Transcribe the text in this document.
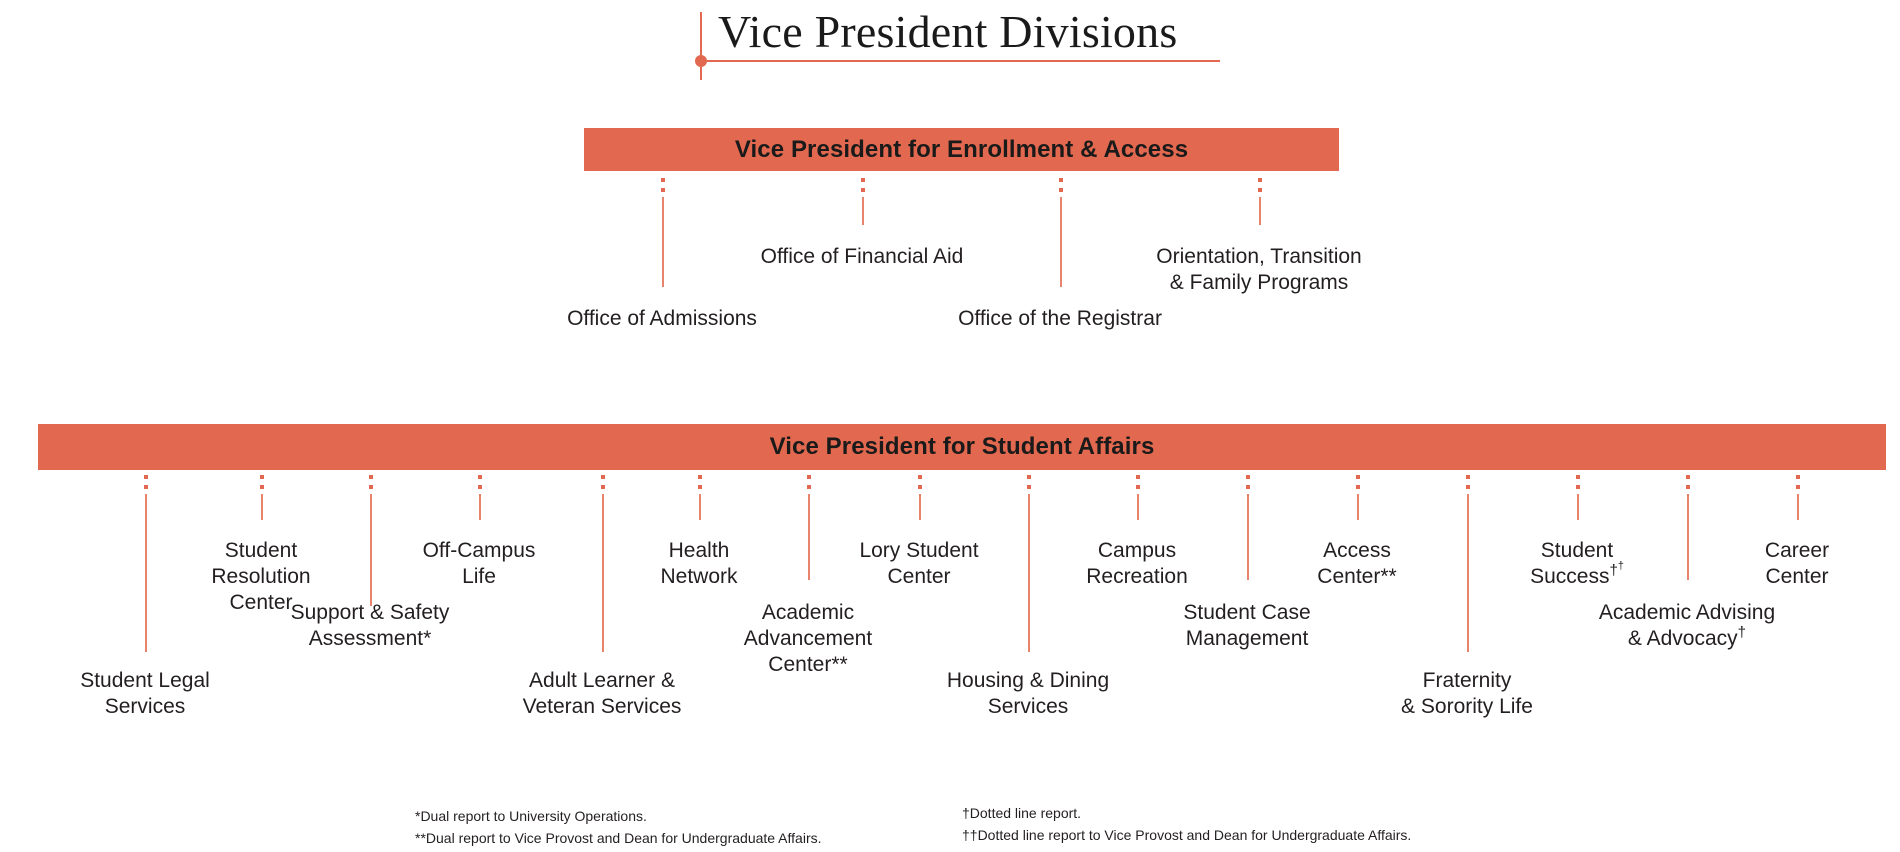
Vice President Divisions
Vice President for Enrollment & Access
Vice President for Student Affairs
Office of Admissions
Office of Financial Aid
Office of the Registrar
Orientation, Transition
& Family Programs
Student Legal
Services
Student
Resolution
Center
Support & Safety
Assessment*
Off-Campus
Life
Adult Learner &
Veteran Services
Health
Network
Academic
Advancement
Center**
Lory Student
Center
Housing & Dining
Services
Campus
Recreation
Student Case
Management
Access
Center**
Fraternity
& Sorority Life
Student
Success††
Academic Advising
& Advocacy†
Career
Center
*Dual report to University Operations.
**Dual report to Vice Provost and Dean for Undergraduate Affairs.
†Dotted line report.
††Dotted line report to Vice Provost and Dean for Undergraduate Affairs.
